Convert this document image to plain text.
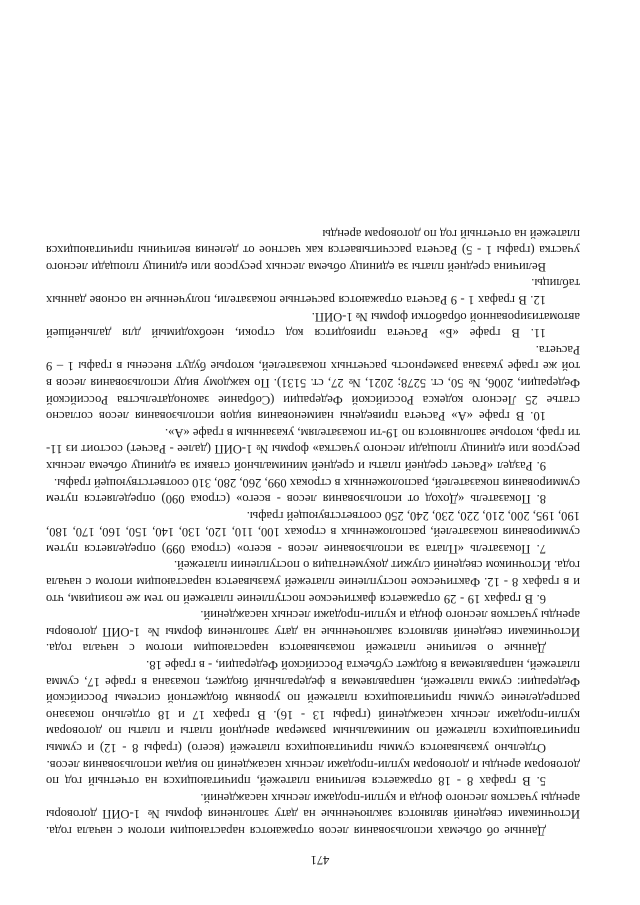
471

Данные об объемах использования лесов отражаются нарастающим итогом с начала года. Источниками сведений являются заключенные на дату заполнения формы № 1-ОИП договоры аренды участков лесного фонда и купли-продажи лесных насаждений.

5. В графах 8 - 18 отражается величина платежей, причитающихся на отчетный год по договорам аренды и договорам купли-продажи лесных насаждений по видам использования лесов.

Отдельно указываются суммы причитающихся платежей (всего) (графы 8 - 12) и суммы причитающихся платежей по минимальным размерам арендной платы и платы по договорам купли-продажи лесных насаждений (графы 13 - 16). В графах 17 и 18 отдельно показано распределение суммы причитающихся платежей по уровням бюджетной системы Российской Федерации: сумма платежей, направляемая в федеральный бюджет, показана в графе 17, сумма платежей, направляемая в бюджет субъекта Российской Федерации, - в графе 18.

Данные о величине платежей показываются нарастающим итогом с начала года. Источниками сведений являются заключенные на дату заполнения формы № 1-ОИП договоры аренды участков лесного фонда и купли-продажи лесных насаждений.

6. В графах 19 - 29 отражается фактическое поступление платежей по тем же позициям, что и в графах 8 - 12. Фактическое поступление платежей указывается нарастающим итогом с начала года. Источником сведений служит документация о поступлении платежей.

7. Показатель «Плата за использование лесов - всего» (строка 099) определяется путем суммирования показателей, расположенных в строках 100, 110, 120, 130, 140, 150, 160, 170, 180, 190, 195, 200, 210, 220, 230, 240, 250 соответствующей графы.

8. Показатель «Доход от использования лесов - всего» (строка 090) определяется путем суммирования показателей, расположенных в строках 099, 260, 280, 310 соответствующей графы.

9. Раздел «Расчет средней платы и средней минимальной ставки за единицу объема лесных ресурсов или единицу площади лесного участка» формы № 1-ОИП (далее - Расчет) состоит из 11-ти граф, которые заполняются по 19-ти показателям, указанным в графе «А».

10. В графе «А» Расчета приведены наименования видов использования лесов согласно статье 25 Лесного кодекса Российской Федерации (Собрание законодательства Российской Федерации, 2006, № 50, ст. 5278; 2021, № 27, ст. 5131). По каждому виду использования лесов в той же графе указана размерность расчетных показателей, которые будут внесены в графы 1 – 9 Расчета.

11. В графе «Б» Расчета приводится код строки, необходимый для дальнейшей автоматизированной обработки формы № 1-ОИП.

12. В графах 1 - 9 Расчета отражаются расчетные показатели, полученные на основе данных таблицы.

Величина средней платы за единицу объема лесных ресурсов или единицу площади лесного участка (графы 1 - 5) Расчета рассчитывается как частное от деления величины причитающихся платежей на отчетный год по договорам аренды
